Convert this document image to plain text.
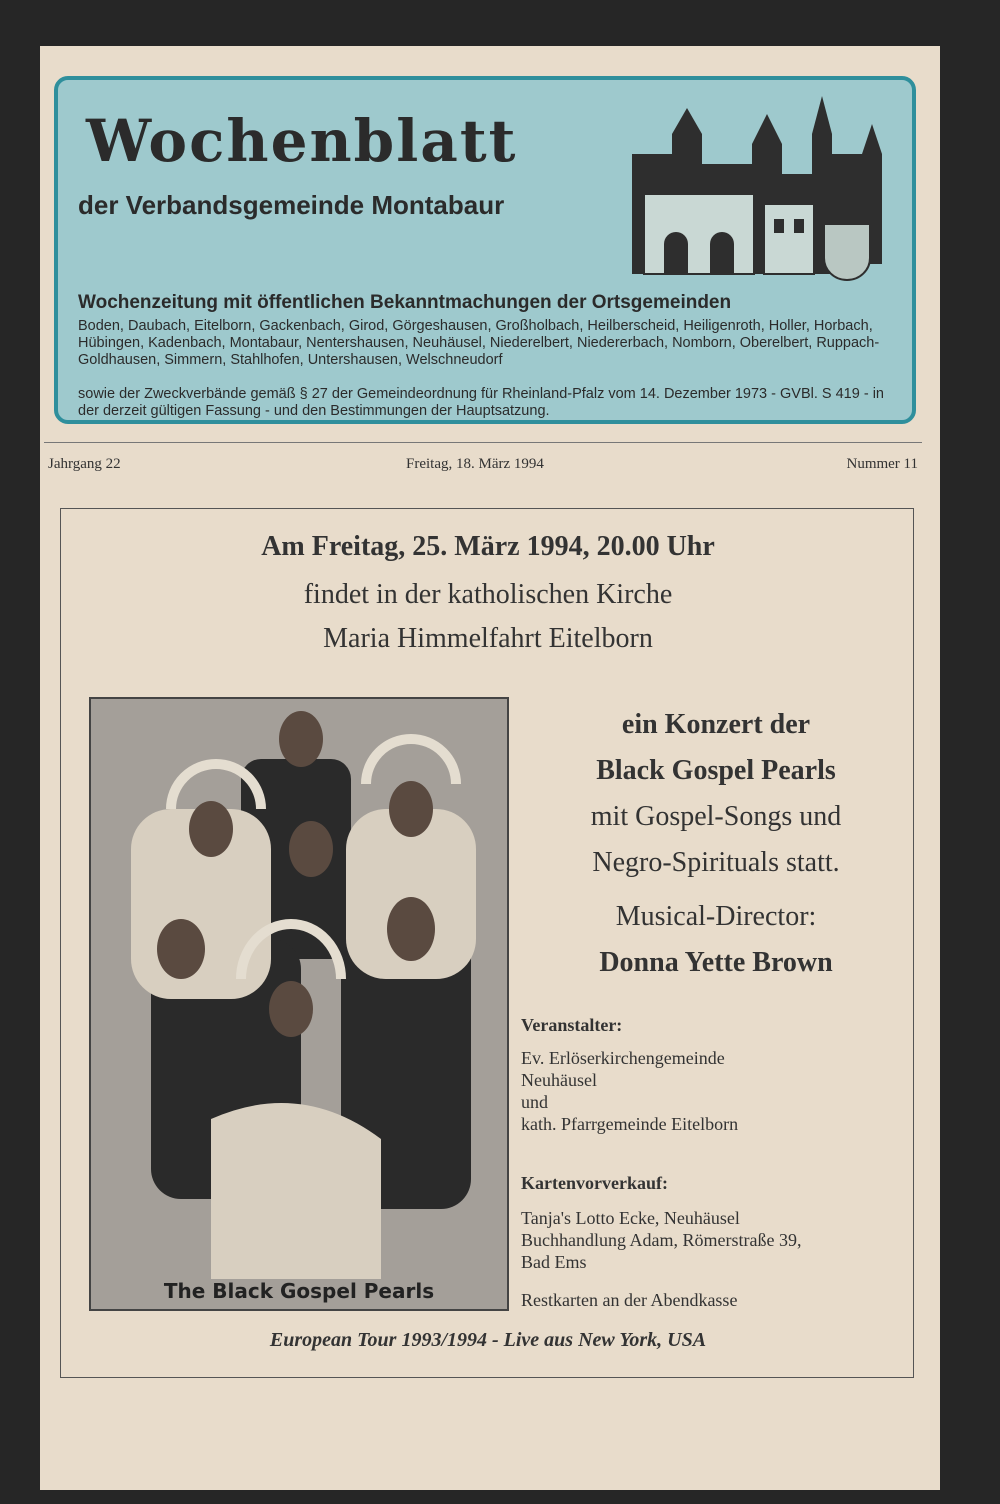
Wochenblatt
der Verbandsgemeinde Montabaur
Wochenzeitung mit öffentlichen Bekanntmachungen der Ortsgemeinden
Boden, Daubach, Eitelborn, Gackenbach, Girod, Görgeshausen, Großholbach, Heilberscheid, Heiligenroth, Holler, Horbach, Hübingen, Kadenbach, Montabaur, Nentershausen, Neuhäusel, Niederelbert, Niedererbach, Nomborn, Oberelbert, Ruppach-Goldhausen, Simmern, Stahlhofen, Untershausen, Welschneudorf
sowie der Zweckverbände gemäß § 27 der Gemeindeordnung für Rheinland-Pfalz vom 14. Dezember 1973 - GVBl. S 419 - in der derzeit gültigen Fassung - und den Bestimmungen der Hauptsatzung.
Jahrgang 22	Freitag, 18. März 1994	Nummer 11
Am Freitag, 25. März 1994, 20.00 Uhr
findet in der katholischen Kirche
Maria Himmelfahrt Eitelborn
The Black Gospel Pearls
ein Konzert der
Black Gospel Pearls
mit Gospel-Songs und
Negro-Spirituals statt.
Musical-Director:
Donna Yette Brown
Veranstalter:
Ev. Erlöserkirchengemeinde
Neuhäusel
und
kath. Pfarrgemeinde Eitelborn
Kartenvorverkauf:
Tanja's Lotto Ecke, Neuhäusel
Buchhandlung Adam, Römerstraße 39,
Bad Ems
Restkarten an der Abendkasse
European Tour 1993/1994 - Live aus New York, USA
